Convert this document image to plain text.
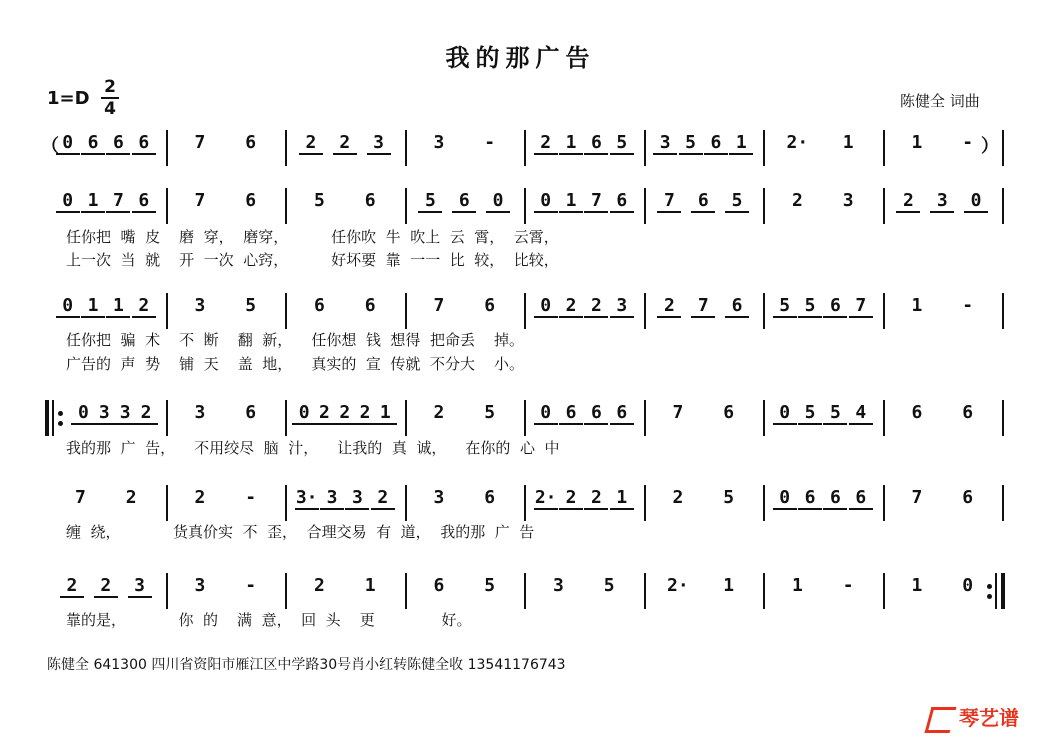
我的那广告
1=D
2
4	陈健全 词曲
（ 0 6 6 6	7	6	2	2	3	3	-	2 1 6 5	3 5 6 1	2·	1	1	- ）
0 1 7 6	7	6	5	6	5	6	0	0 1 7 6	7	6	5	2	3	2	3	0
任你把  嘴  皮    磨  穿，  磨穿，         任你吹  牛  吹上  云  霄，  云霄，
上一次  当  就    开  一次  心窍，         好坏要  靠  一一  比  较，  比较，
0 1 1 2	3	5	6	6	7	6	0 2 2 3	2	7	6	5 5 6 7	1	-
任你把  骗  术    不  断    翻  新，    任你想  钱  想得  把命丢    掉。
广告的  声  势    铺  天    盖  地，    真实的  宣  传就  不分大    小。
0 3 3 2	3	6	0 2 2 2 1	2	5	0 6 6 6	7	6	0 5 5 4	6	6
我的那  广  告，    不用绞尽  脑  汁，    让我的  真  诚，    在你的  心  中
7	2	2	-	3· 3 3 2	3	6	2· 2 2 1	2	5	0 6 6 6	7	6
缠  绕，           货真价实  不  歪，  合理交易  有  道，  我的那  广  告
2	2	3	3	-	2	1	6	5	3	5	2·	1	1	-	1	0
靠的是，           你  的    满  意，  回  头    更              好。
陈健全 641300 四川省资阳市雁江区中学路30号肖小红转陈健全收 13541176743
琴艺谱
